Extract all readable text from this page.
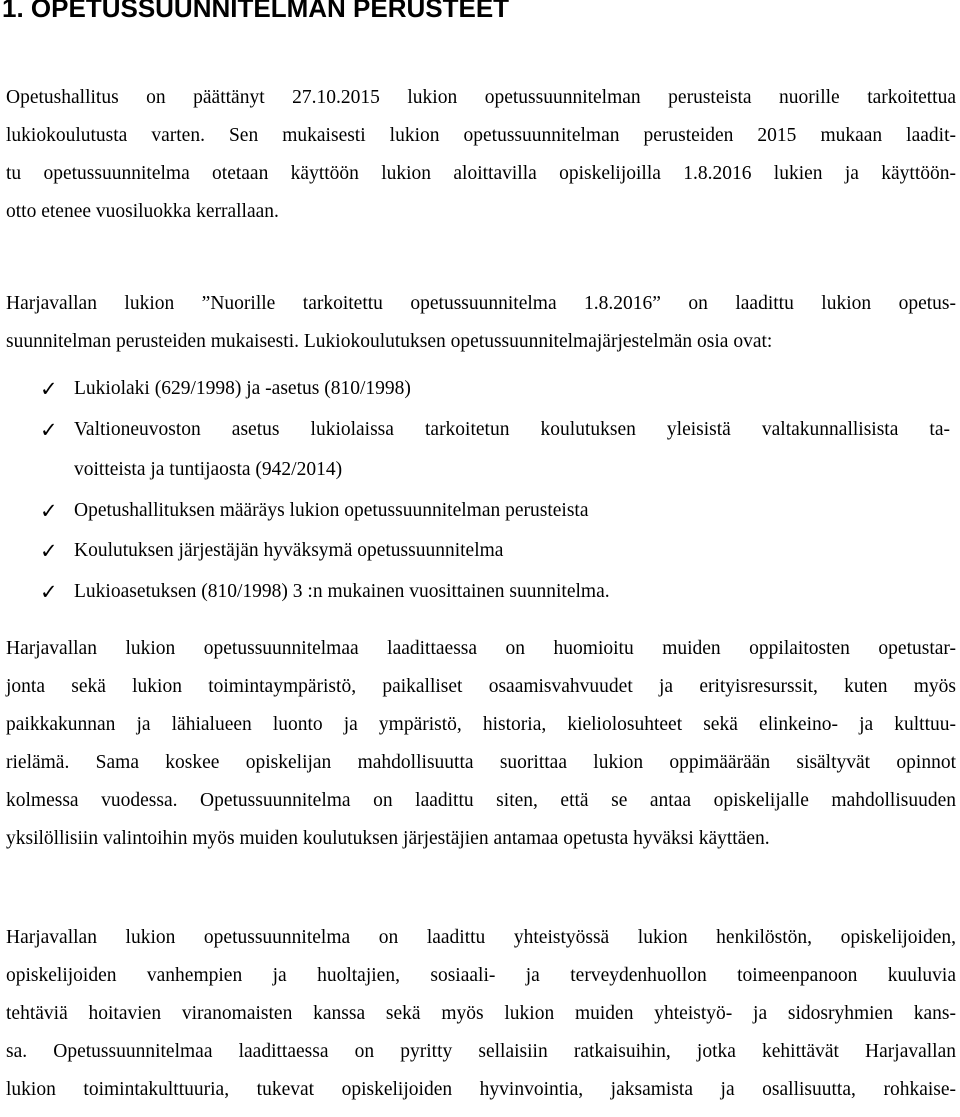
1. OPETUSSUUNNITELMAN PERUSTEET

Opetushallitus on päättänyt 27.10.2015 lukion opetussuunnitelman perusteista nuorille tarkoitettua
lukiokoulutusta varten. Sen mukaisesti lukion opetussuunnitelman perusteiden 2015 mukaan laadit-
tu opetussuunnitelma otetaan käyttöön lukion aloittavilla opiskelijoilla 1.8.2016 lukien ja käyttöön-
otto etenee vuosiluokka kerrallaan.

Harjavallan lukion ”Nuorille tarkoitettu opetussuunnitelma 1.8.2016” on laadittu lukion opetus-
suunnitelman perusteiden mukaisesti. Lukiokoulutuksen opetussuunnitelmajärjestelmän osia ovat:

✓ Lukiolaki (629/1998) ja -asetus (810/1998)
✓ Valtioneuvoston asetus lukiolaissa tarkoitetun koulutuksen yleisistä valtakunnallisista ta-
voitteista ja tuntijaosta (942/2014)
✓ Opetushallituksen määräys lukion opetussuunnitelman perusteista
✓ Koulutuksen järjestäjän hyväksymä opetussuunnitelma
✓ Lukioasetuksen (810/1998) 3 :n mukainen vuosittainen suunnitelma.

Harjavallan lukion opetussuunnitelmaa laadittaessa on huomioitu muiden oppilaitosten opetustar-
jonta sekä lukion toimintaympäristö, paikalliset osaamisvahvuudet ja erityisresurssit, kuten myös
paikkakunnan ja lähialueen luonto ja ympäristö, historia, kieliolosuhteet sekä elinkeino- ja kulttuu-
rielämä. Sama koskee opiskelijan mahdollisuutta suorittaa lukion oppimäärään sisältyvät opinnot
kolmessa vuodessa. Opetussuunnitelma on laadittu siten, että se antaa opiskelijalle mahdollisuuden
yksilöllisiin valintoihin myös muiden koulutuksen järjestäjien antamaa opetusta hyväksi käyttäen.

Harjavallan lukion opetussuunnitelma on laadittu yhteistyössä lukion henkilöstön, opiskelijoiden,
opiskelijoiden vanhempien ja huoltajien, sosiaali- ja terveydenhuollon toimeenpanoon kuuluvia
tehtäviä hoitavien viranomaisten kanssa sekä myös lukion muiden yhteistyö- ja sidosryhmien kans-
sa. Opetussuunnitelmaa laadittaessa on pyritty sellaisiin ratkaisuihin, jotka kehittävät Harjavallan
lukion toimintakulttuuria, tukevat opiskelijoiden hyvinvointia, jaksamista ja osallisuutta, rohkaise-
